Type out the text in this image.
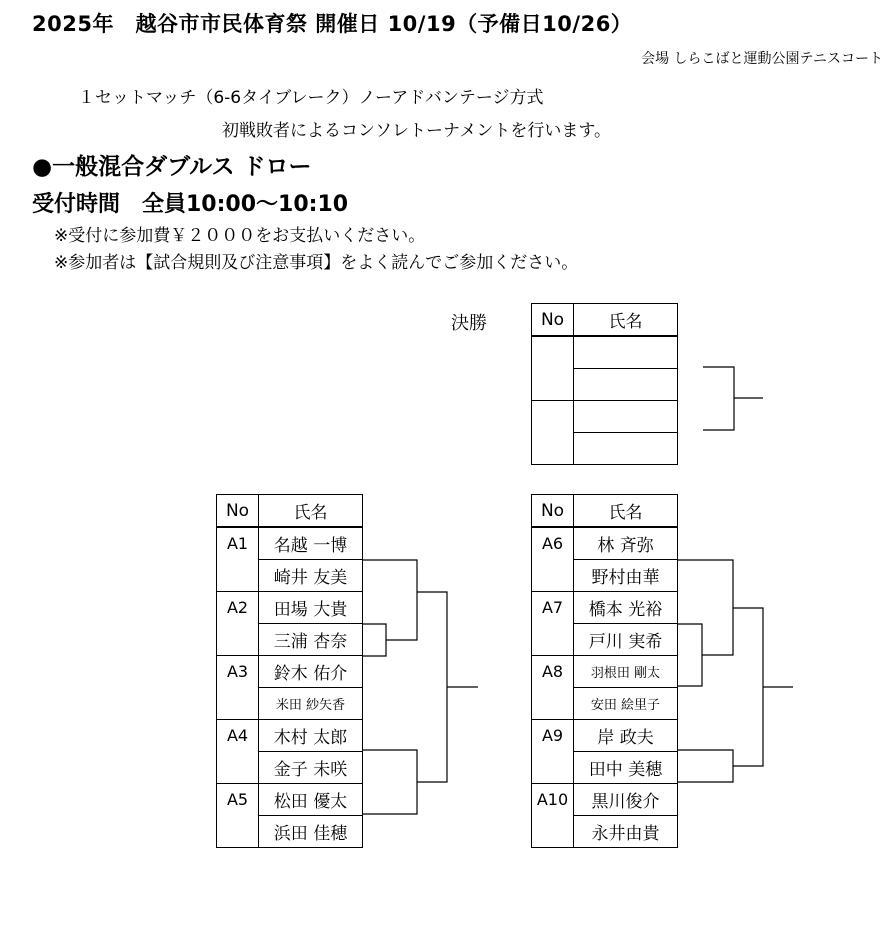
2025年　越谷市市民体育祭 開催日 10/19（予備日10/26）
会場 しらこばと運動公園テニスコート
１セットマッチ（6-6タイブレーク）ノーアドバンテージ方式
初戦敗者によるコンソレトーナメントを行います。
●一般混合ダブルス ドロー
受付時間　全員10:00～10:10
※受付に参加費￥２０００をお支払いください。
※参加者は【試合規則及び注意事項】をよく読んでご参加ください。
決勝	No	氏名

No	氏名
A1	名越 一博
	崎井 友美
A2	田場 大貴
	三浦 杏奈
A3	鈴木 佑介
	米田 紗矢香
A4	木村 太郎
	金子 未咲
A5	松田 優太
	浜田 佳穂
No	氏名
A6	林 斉弥
	野村由華
A7	橋本 光裕
	戸川 実希
A8	羽根田 剛太
	安田 絵里子
A9	岸 政夫
	田中 美穂
A10	黒川俊介
	永井由貴
